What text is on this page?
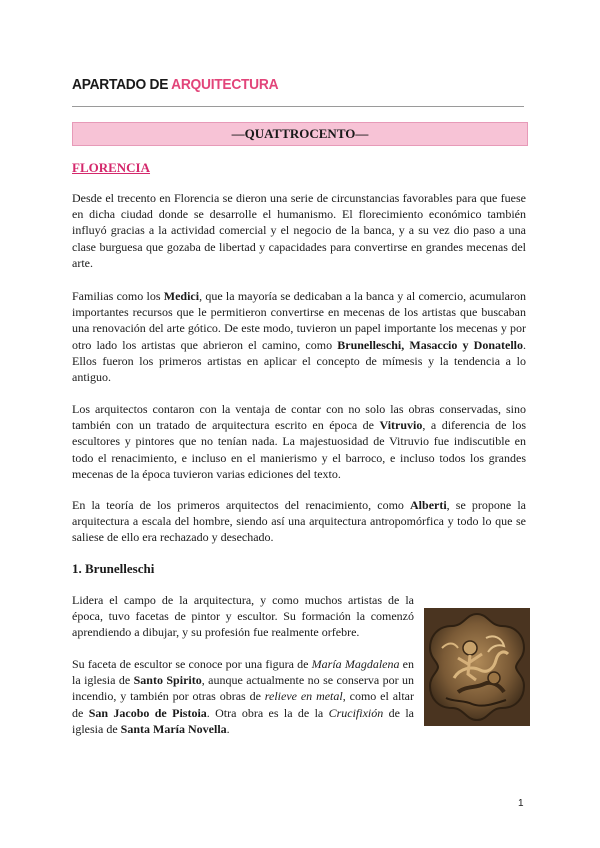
APARTADO DE ARQUITECTURA
—QUATTROCENTO—
FLORENCIA

Desde el trecento en Florencia se dieron una serie de circunstancias favorables para que fuese en dicha ciudad donde se desarrolle el humanismo. El florecimiento económico también influyó gracias a la actividad comercial y el negocio de la banca, y a su vez dio paso a una clase burguesa que gozaba de libertad y capacidades para convertirse en grandes mecenas del arte.

Familias como los Medici, que la mayoría se dedicaban a la banca y al comercio, acumularon importantes recursos que le permitieron convertirse en mecenas de los artistas que buscaban una renovación del arte gótico. De este modo, tuvieron un papel importante los mecenas y por otro lado los artistas que abrieron el camino, como Brunelleschi, Masaccio y Donatello. Ellos fueron los primeros artistas en aplicar el concepto de mímesis y la tendencia a lo antiguo.

Los arquitectos contaron con la ventaja de contar con no solo las obras conservadas, sino también con un tratado de arquitectura escrito en época de Vitruvio, a diferencia de los escultores y pintores que no tenían nada. La majestuosidad de Vitruvio fue indiscutible en todo el renacimiento, e incluso en el manierismo y el barroco, e incluso todos los grandes mecenas de la época tuvieron varias ediciones del texto.

En la teoría de los primeros arquitectos del renacimiento, como Alberti, se propone la arquitectura a escala del hombre, siendo así una arquitectura antropomórfica y todo lo que se saliese de ello era rechazado y desechado.

1. Brunelleschi

Lidera el campo de la arquitectura, y como muchos artistas de la época, tuvo facetas de pintor y escultor. Su formación la comenzó aprendiendo a dibujar, y su profesión fue realmente orfebre.

Su faceta de escultor se conoce por una figura de María Magdalena en la iglesia de Santo Spirito, aunque actualmente no se conserva por un incendio, y también por otras obras de relieve en metal, como el altar de San Jacobo de Pistoia. Otra obra es la de la Crucifixión de la iglesia de Santa María Novella.

1
